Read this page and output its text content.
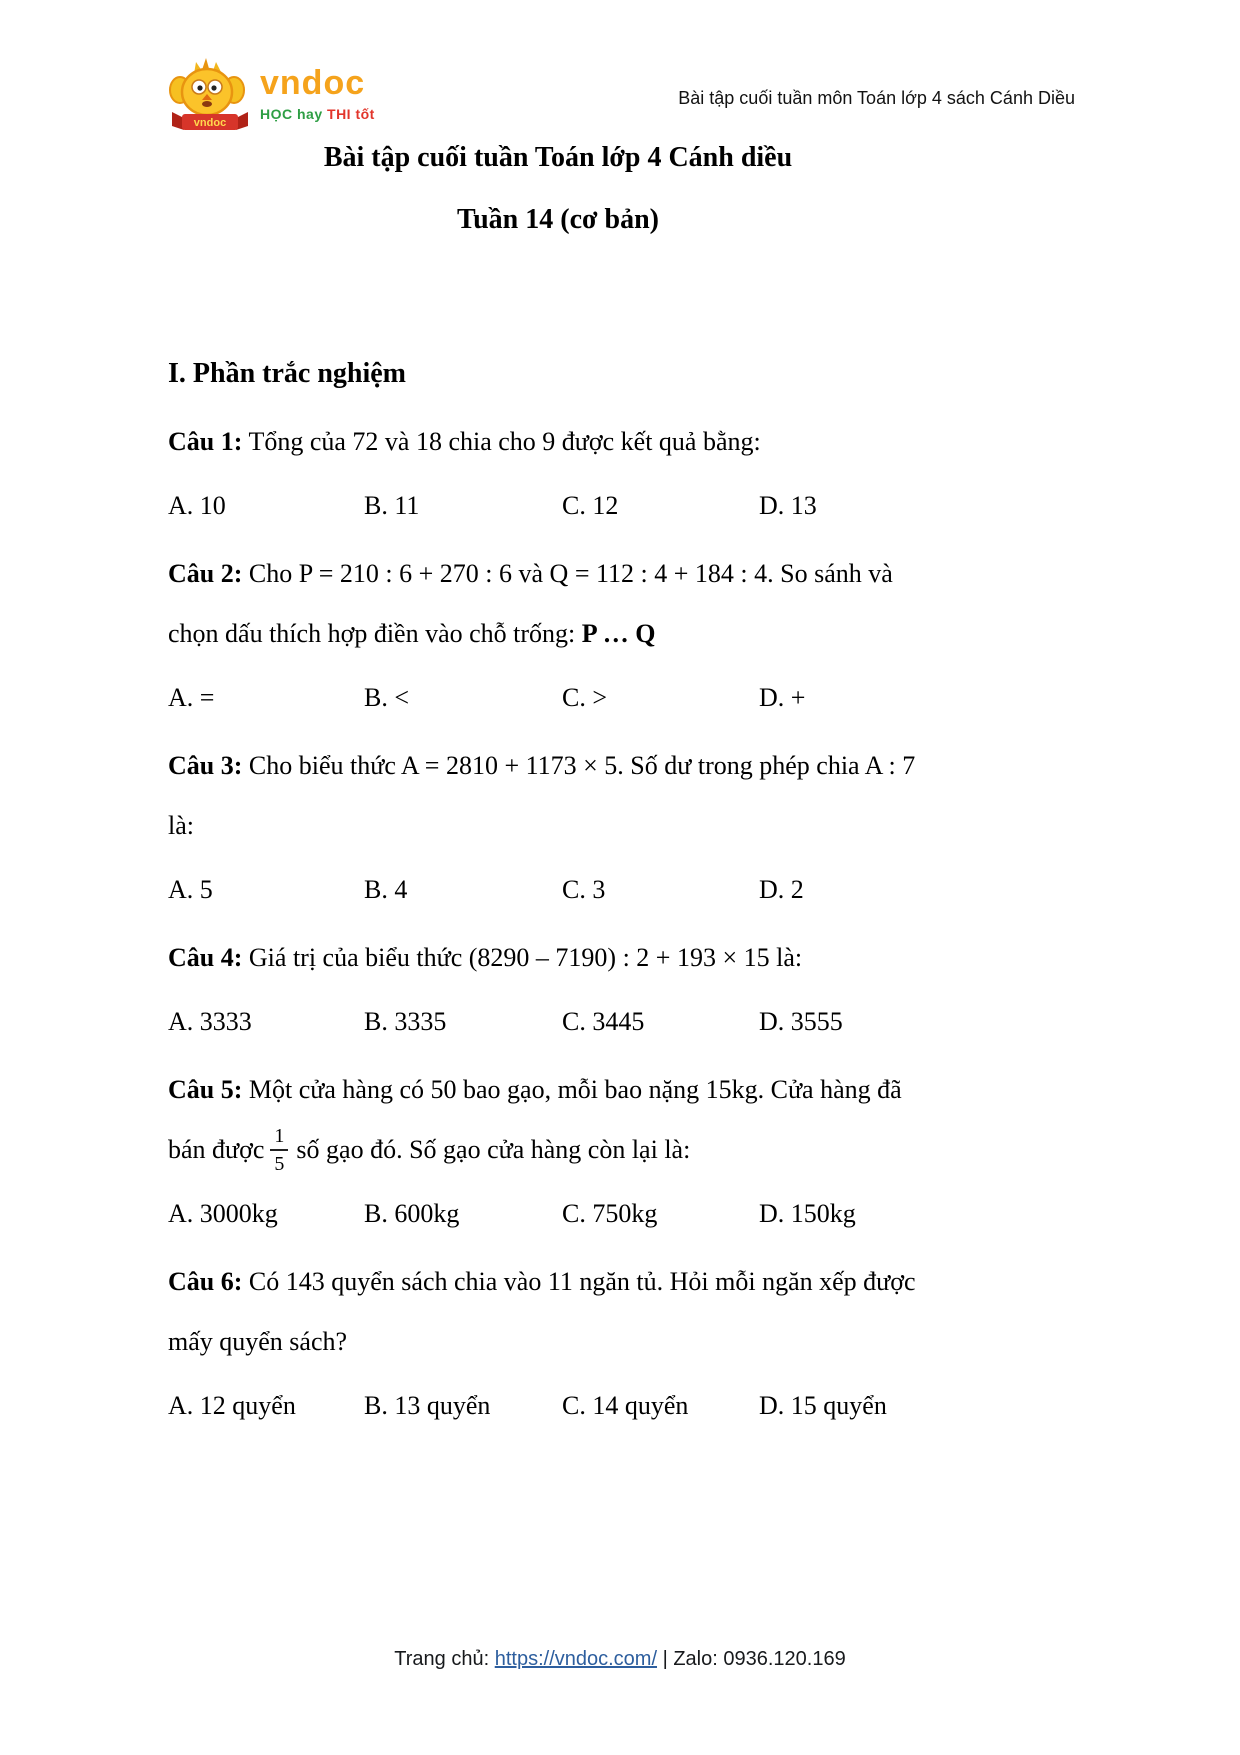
vndoc
vndoc
HỌC hay THI tốt
Bài tập cuối tuần môn Toán lớp 4 sách Cánh Diều
Bài tập cuối tuần Toán lớp 4 Cánh diều
Tuần 14 (cơ bản)
I. Phần trắc nghiệm
Câu 1: Tổng của 72 và 18 chia cho 9 được kết quả bằng:
A. 10	B. 11	C. 12	D. 13
Câu 2: Cho P = 210 : 6 + 270 : 6 và Q = 112 : 4 + 184 : 4. So sánh và
chọn dấu thích hợp điền vào chỗ trống: P … Q
A. =	B. <	C. >	D. +
Câu 3: Cho biểu thức A = 2810 + 1173 × 5. Số dư trong phép chia A : 7
là:
A. 5	B. 4	C. 3	D. 2
Câu 4: Giá trị của biểu thức (8290 – 7190) : 2 + 193 × 15 là:
A. 3333	B. 3335	C. 3445	D. 3555
Câu 5: Một cửa hàng có 50 bao gạo, mỗi bao nặng 15kg. Cửa hàng đã
bán được $\frac{1}{5}$ số gạo đó. Số gạo cửa hàng còn lại là:
A. 3000kg	B. 600kg	C. 750kg	D. 150kg
Câu 6: Có 143 quyển sách chia vào 11 ngăn tủ. Hỏi mỗi ngăn xếp được
mấy quyển sách?
A. 12 quyển	B. 13 quyển	C. 14 quyển	D. 15 quyển
Trang chủ: https://vndoc.com/ | Zalo: 0936.120.169
